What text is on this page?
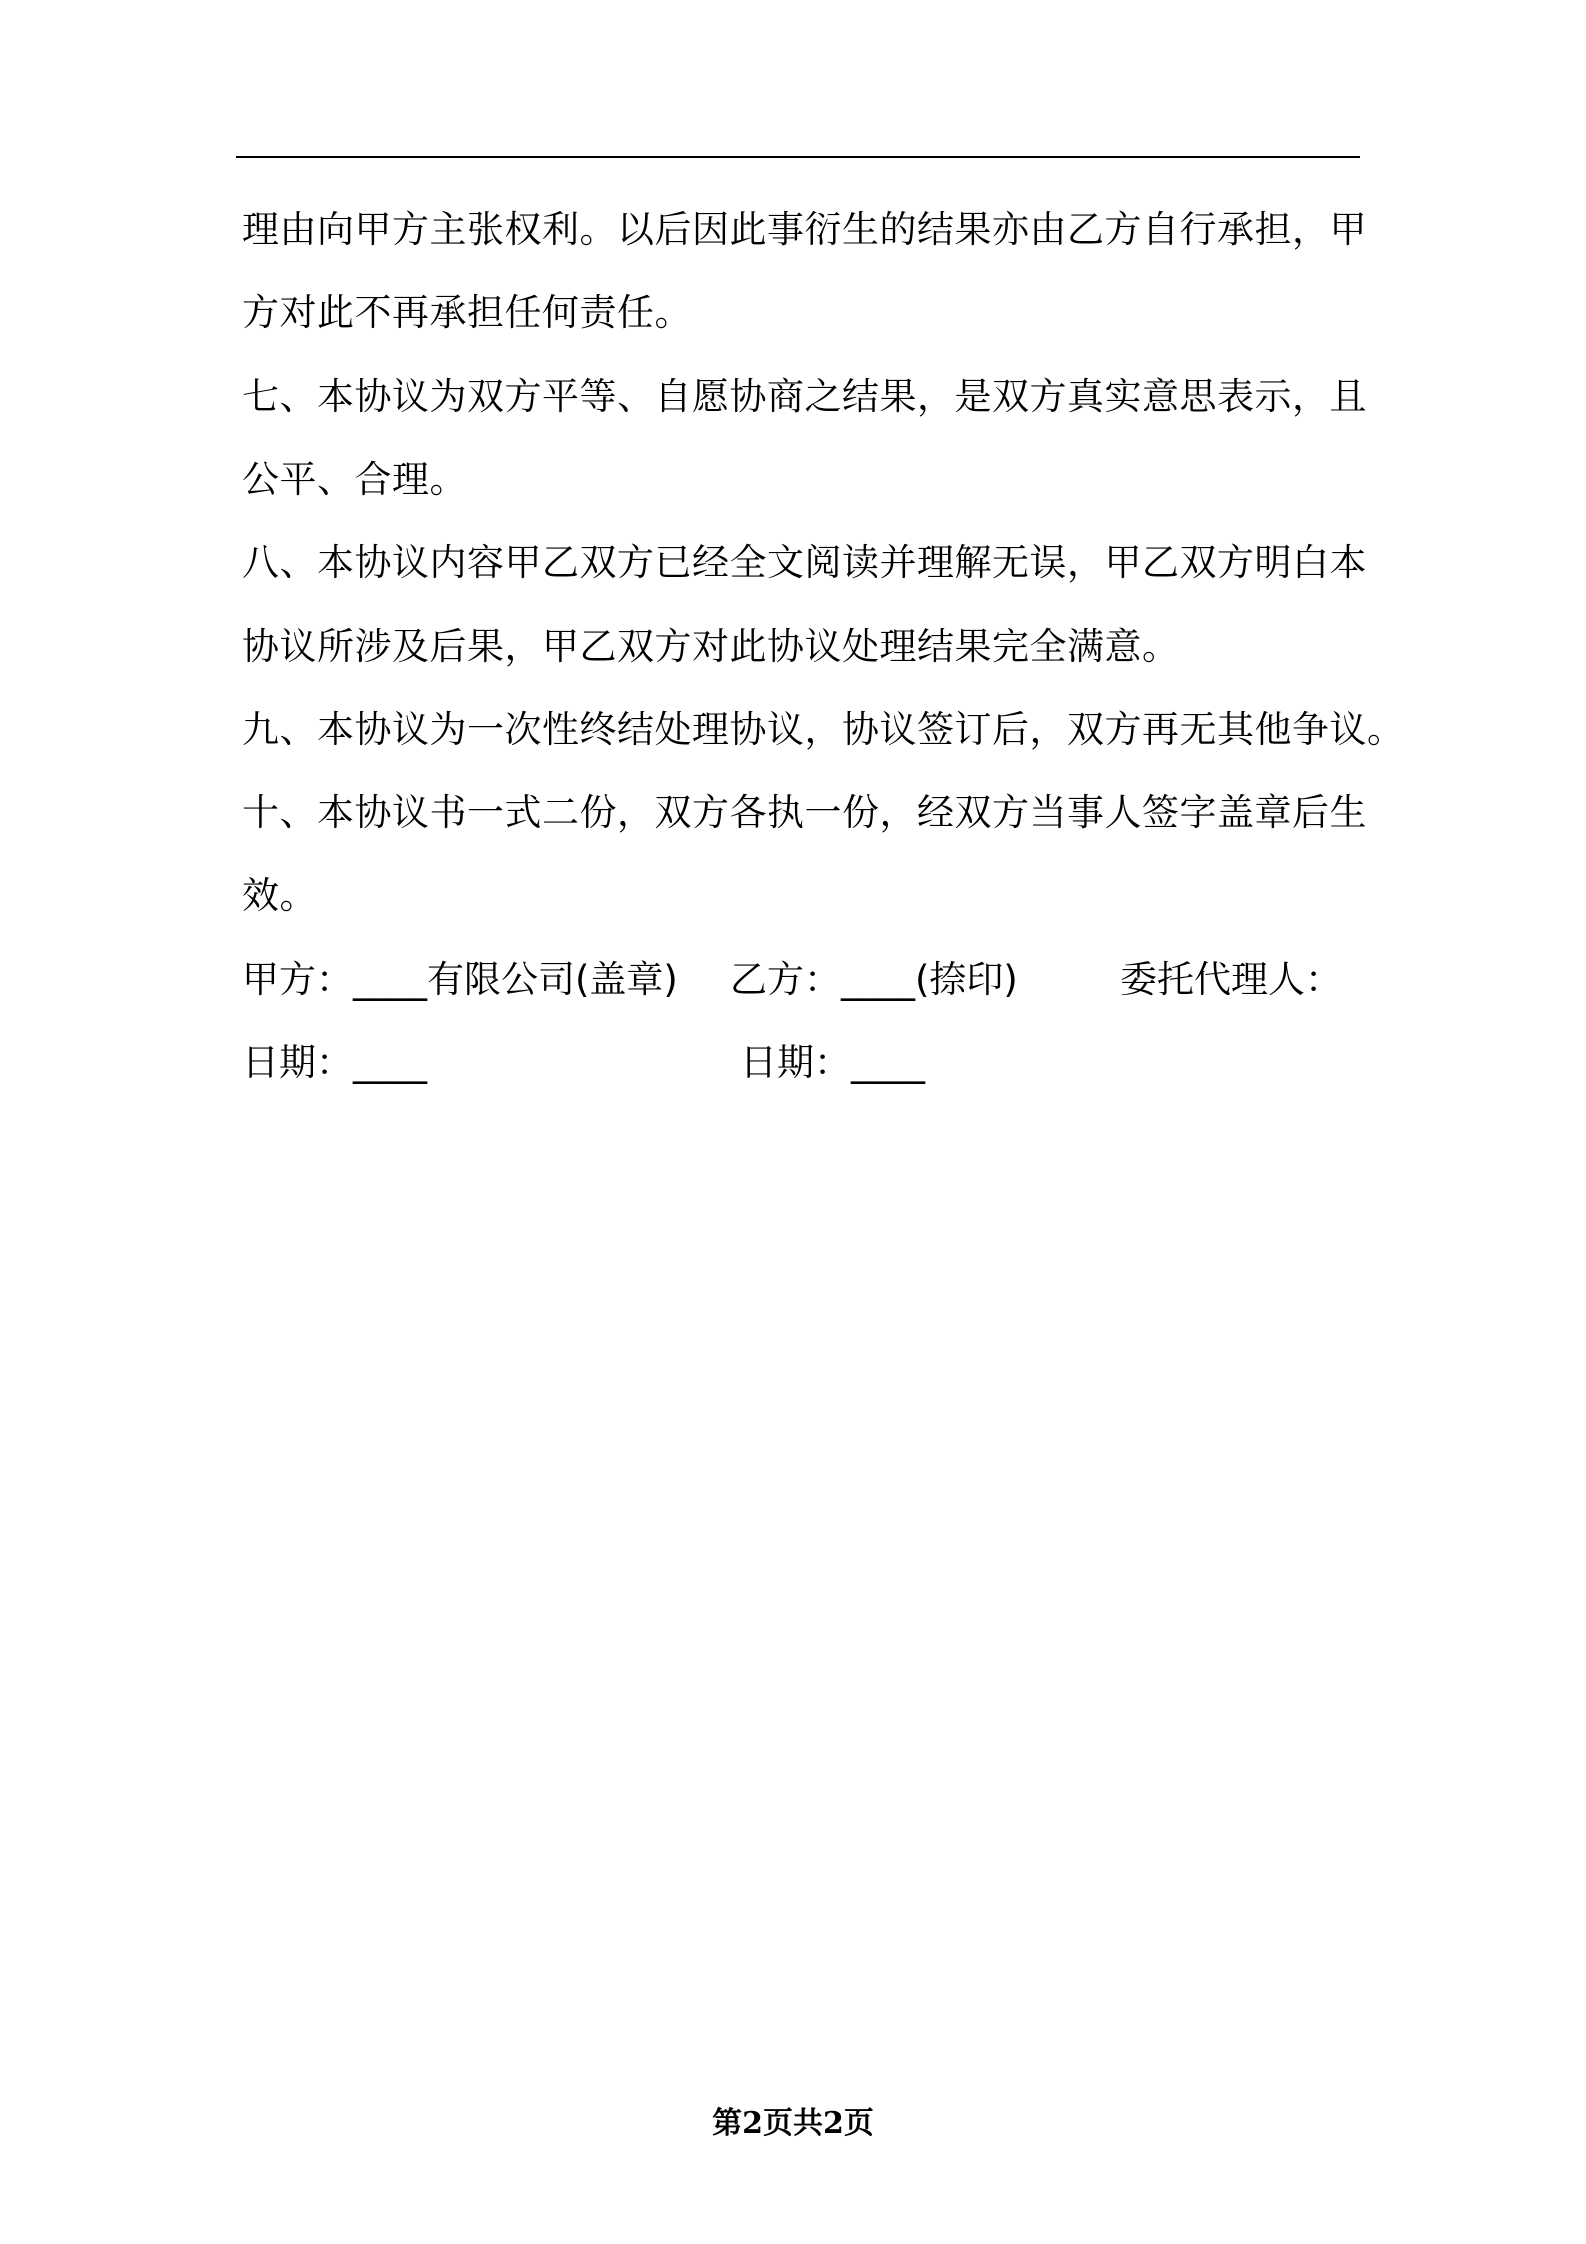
理由向甲方主张权利。以后因此事衍生的结果亦由乙方自行承担，甲
方对此不再承担任何责任。
七、本协议为双方平等、自愿协商之结果，是双方真实意思表示，且
公平、合理。
八、本协议内容甲乙双方已经全文阅读并理解无误，甲乙双方明白本
协议所涉及后果，甲乙双方对此协议处理结果完全满意。
九、本协议为一次性终结处理协议，协议签订后，双方再无其他争议。
十、本协议书一式二份，双方各执一份，经双方当事人签字盖章后生
效。
甲方：____有限公司(盖章) 乙方：____(捺印)	委托代理人：
日期：____	日期：____
第2页共2页
